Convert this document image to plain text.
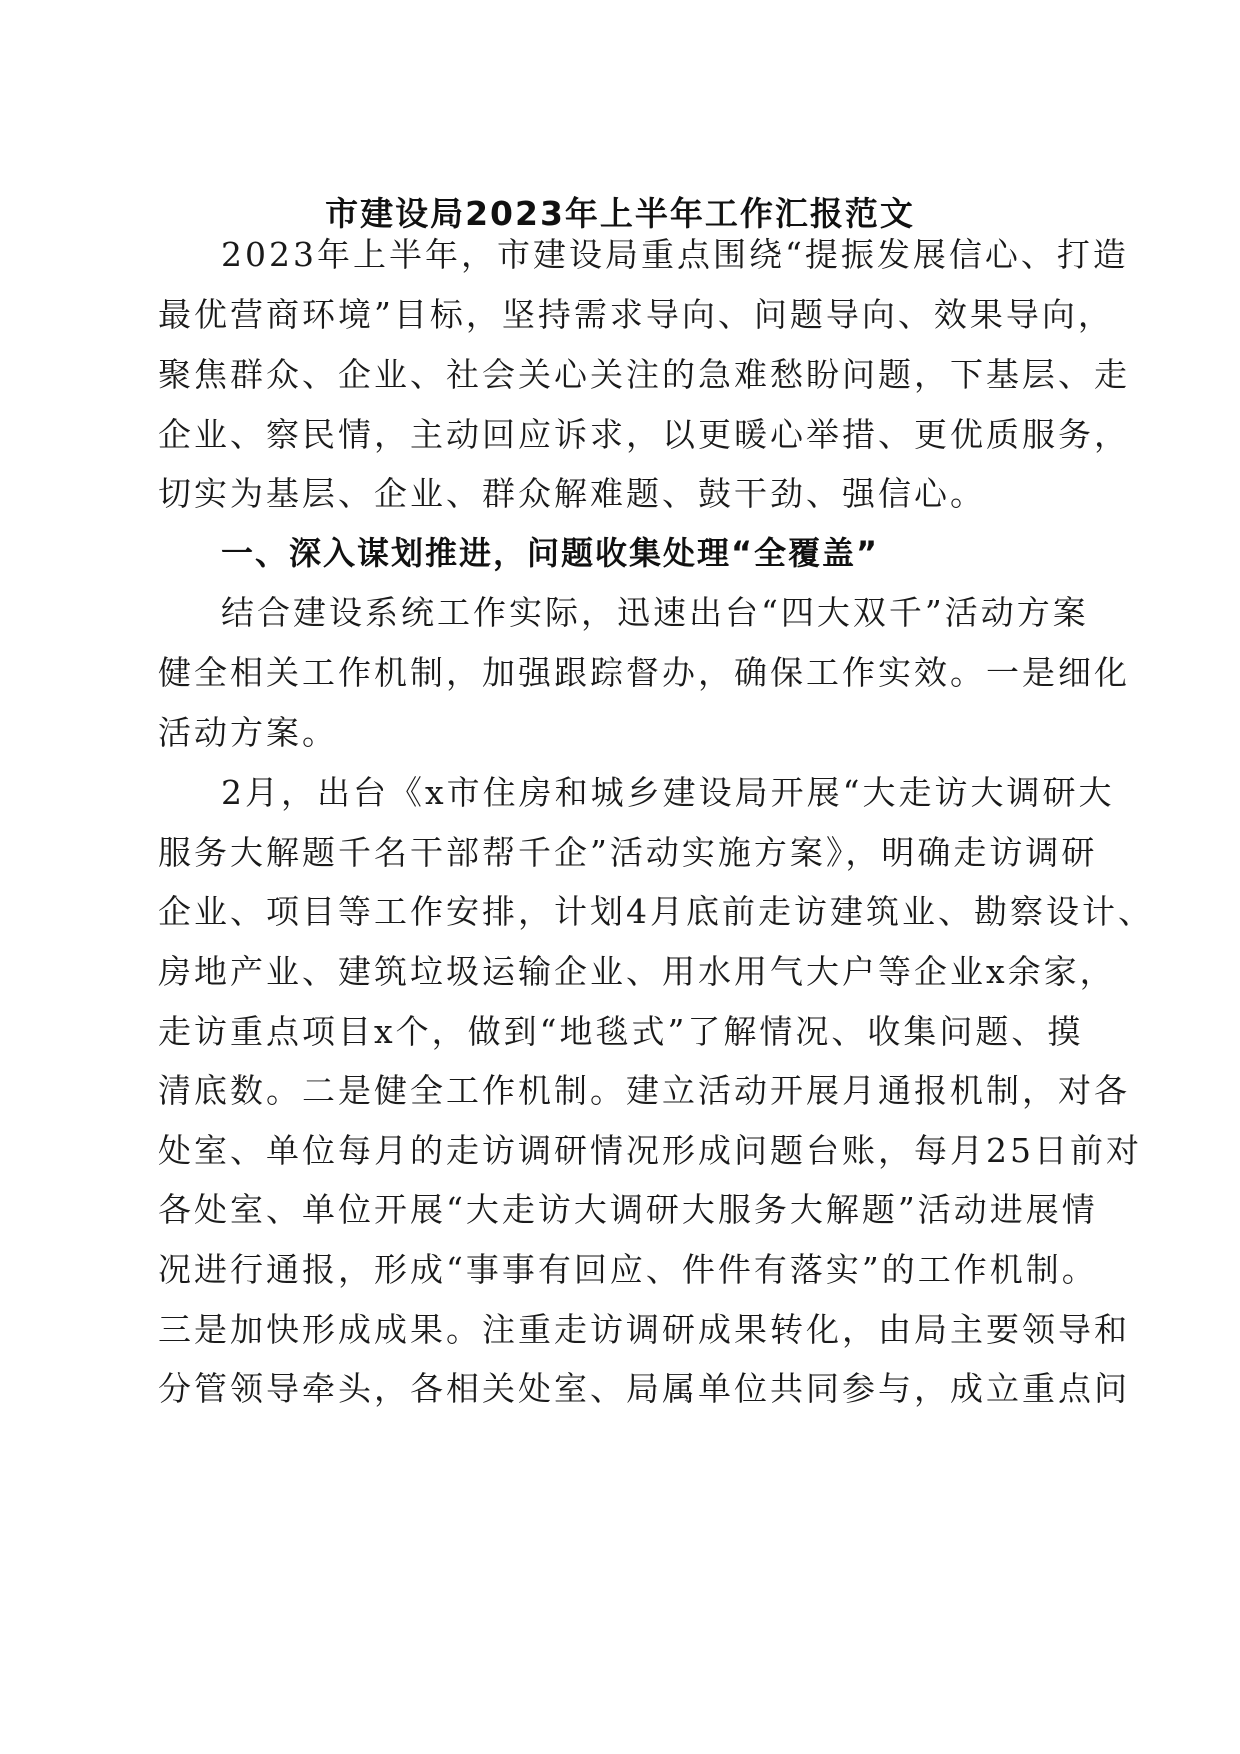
市建设局2023年上半年工作汇报范文
2023年上半年，市建设局重点围绕“提振发展信心、打造
最优营商环境”目标，坚持需求导向、问题导向、效果导向，
聚焦群众、企业、社会关心关注的急难愁盼问题，下基层、走
企业、察民情，主动回应诉求，以更暖心举措、更优质服务，
切实为基层、企业、群众解难题、鼓干劲、强信心。
一、深入谋划推进，问题收集处理“全覆盖”
结合建设系统工作实际，迅速出台“四大双千”活动方案
健全相关工作机制，加强跟踪督办，确保工作实效。一是细化
活动方案。
2月，出台《x市住房和城乡建设局开展“大走访大调研大
服务大解题千名干部帮千企”活动实施方案》，明确走访调研
企业、项目等工作安排，计划4月底前走访建筑业、勘察设计、
房地产业、建筑垃圾运输企业、用水用气大户等企业x余家，
走访重点项目x个，做到“地毯式”了解情况、收集问题、摸
清底数。二是健全工作机制。建立活动开展月通报机制，对各
处室、单位每月的走访调研情况形成问题台账，每月25日前对
各处室、单位开展“大走访大调研大服务大解题”活动进展情
况进行通报，形成“事事有回应、件件有落实”的工作机制。
三是加快形成成果。注重走访调研成果转化，由局主要领导和
分管领导牵头，各相关处室、局属单位共同参与，成立重点问
